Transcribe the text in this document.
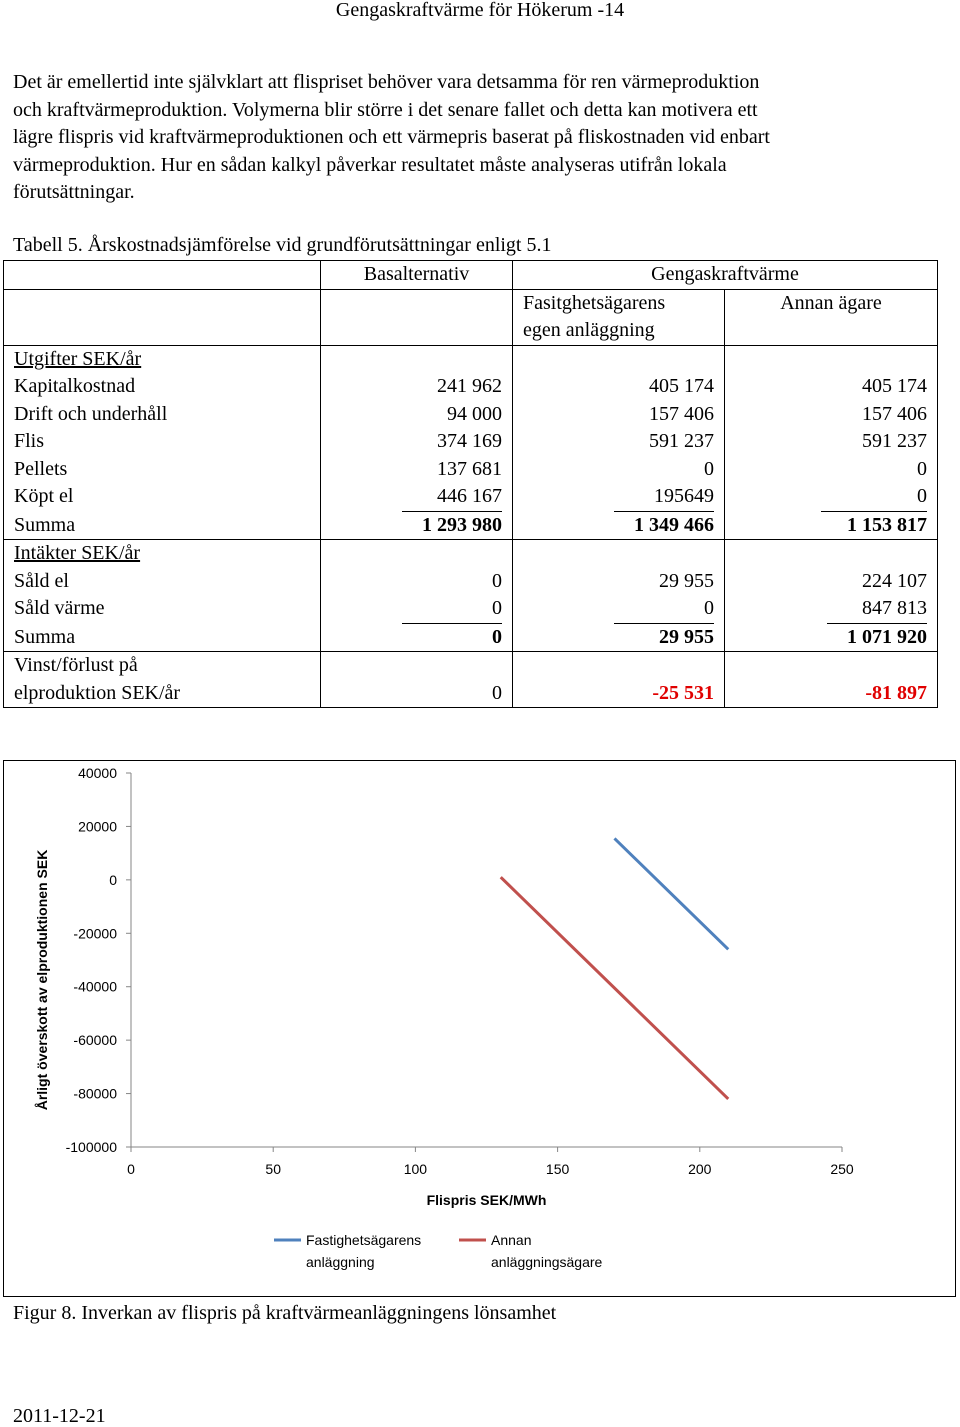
Gengaskraftvärme för Hökerum -14
Det är emellertid inte självklart att flispriset behöver vara detsamma för ren värmeproduktion
och kraftvärmeproduktion. Volymerna blir större i det senare fallet och detta kan motivera ett
lägre flispris vid kraftvärmeproduktionen och ett värmepris baserat på fliskostnaden vid enbart
värmeproduktion. Hur en sådan kalkyl påverkar resultatet måste analyseras utifrån lokala
förutsättningar.
Tabell 5. Årskostnadsjämförelse vid grundförutsättningar enligt 5.1
	Basalternativ	Gengaskraftvärme	
		Fasitghetsägarens	Annan ägare
		egen anläggning	
Utgifter SEK/år			
Kapitalkostnad	241 962	405 174	405 174
Drift och underhåll	94 000	157 406	157 406
Flis	374 169	591 237	591 237
Pellets	137 681	0	0
Köpt el	446 167	195649	0
Summa	1 293 980	1 349 466	1 153 817
Intäkter SEK/år			
Såld el	0	29 955	224 107
Såld värme	0	0	847 813
Summa	0	29 955	1 071 920
Vinst/förlust på			
elproduktion SEK/år	0	-25 531	-81 897
40000
20000
0
-20000
-40000
-60000
-80000
-100000
0	50	100	150	200	250
Flispris SEK/MWh
Årligt överskott av elproduktionen SEK
Fastighetsägarens
anläggning
Annan
anläggningsägare
Figur 8. Inverkan av flispris på kraftvärmeanläggningens lönsamhet
2011-12-21
